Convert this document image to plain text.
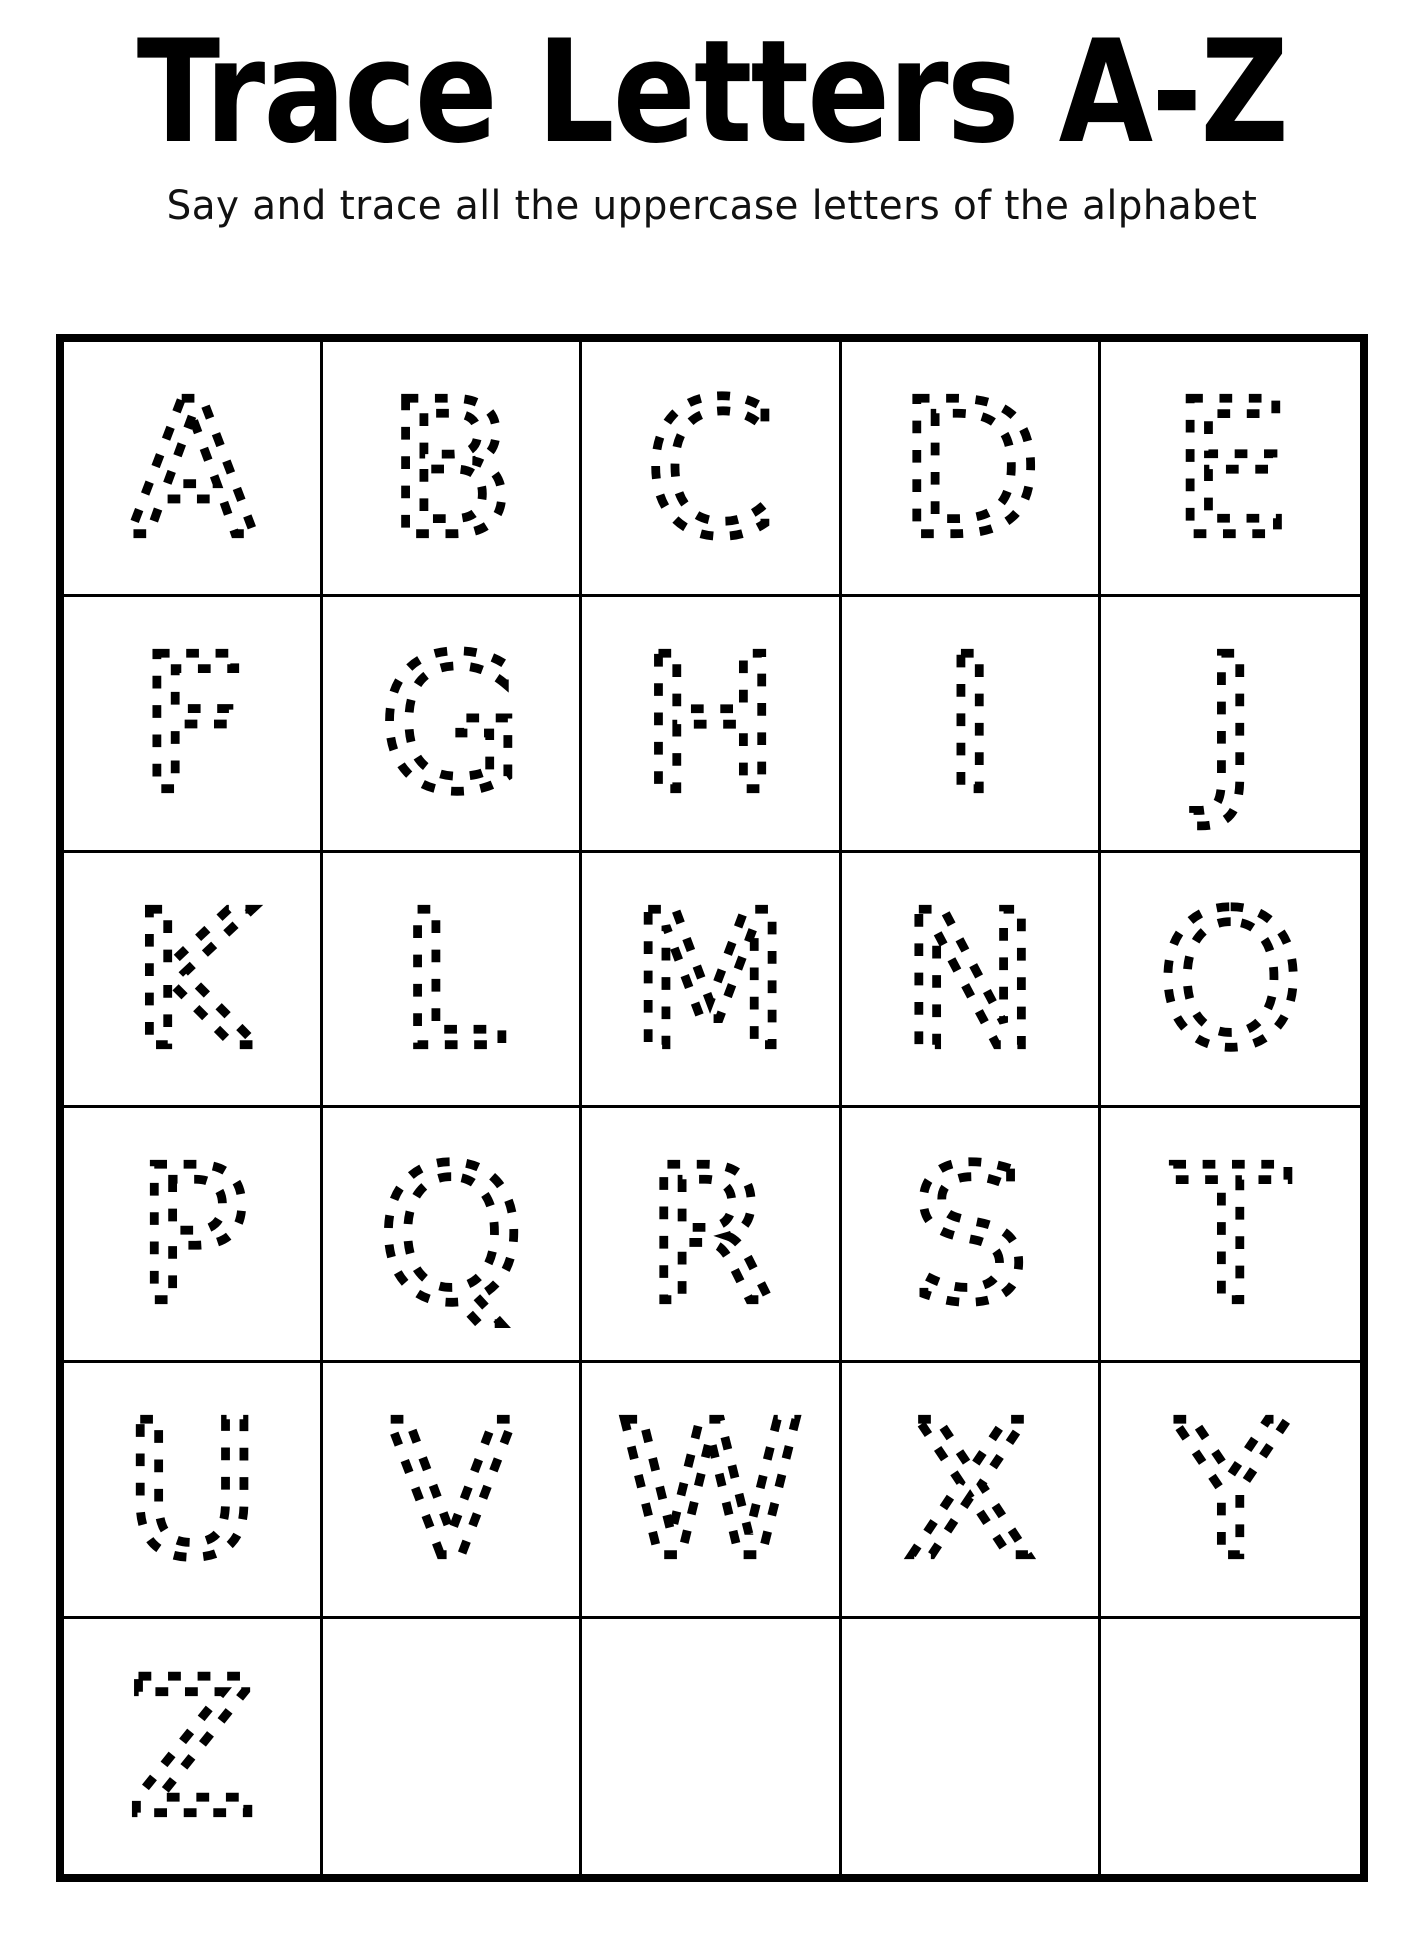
Trace Letters A-Z

Say and trace all the uppercase letters of the alphabet

A B C D E
F G H I J
K L M N O
P Q R S T
U V W X Y
Z
